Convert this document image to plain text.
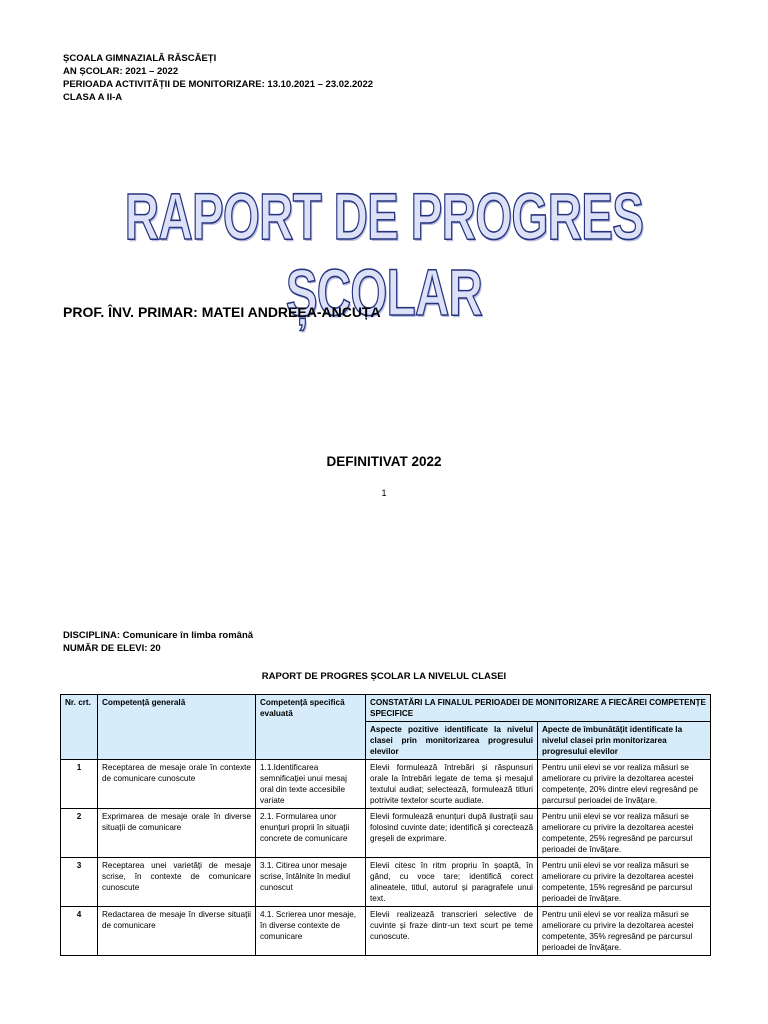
ȘCOALA GIMNAZIALĂ RĂSCĂEȚI
AN ȘCOLAR: 2021 – 2022
PERIOADA ACTIVITĂȚII DE MONITORIZARE: 13.10.2021 – 23.02.2022
CLASA A II-A
RAPORT DE PROGRES ȘCOLAR
PROF. ÎNV. PRIMAR: MATEI ANDREEA-ANCUȚA
DEFINITIVAT 2022
1
DISCIPLINA: Comunicare în limba română
NUMĂR DE ELEVI: 20
RAPORT DE PROGRES ȘCOLAR LA NIVELUL CLASEI
Nr. crt.	Competență generală	Competență specifică evaluată	CONSTATĂRI LA FINALUL PERIOADEI DE MONITORIZARE A FIECĂREI COMPETENȚE SPECIFICE	
			Aspecte pozitive identificate la nivelul clasei prin monitorizarea progresului elevilor	Apecte de îmbunătățit identificate la nivelul clasei prin monitorizarea progresului elevilor
1	Receptarea de mesaje orale în contexte de comunicare cunoscute	1.1.Identificarea semnificației unui mesaj oral din texte accesibile variate	Elevii formulează întrebări și răspunsuri orale la întrebări legate de tema și mesajul textului audiat; selectează, formulează titluri potrivite textelor scurte audiate.	Pentru unii elevi se vor realiza măsuri se ameliorare cu privire la dezoltarea acestei competențe, 20% dintre elevi regresând pe parcursul perioadei de învățare.
2	Exprimarea de mesaje orale în diverse situații de comunicare	2.1. Formularea unor enunțuri proprii în situații concrete de comunicare	Elevii formulează enunțuri după ilustrații sau folosind cuvinte date; identifică și corectează greșeli de exprimare.	Pentru unii elevi se vor realiza măsuri se ameliorare cu privire la dezoltarea acestei competente, 25% regresând pe parcursul perioadei de învățare.
3	Receptarea unei varietăți de mesaje scrise, în contexte de comunicare cunoscute	3.1. Citirea unor mesaje scrise, întâlnite în mediul cunoscut	Elevii citesc în ritm propriu în șoaptă, în gând, cu voce tare; identifică corect alineatele, titlul, autorul și paragrafele unui text.	Pentru unii elevi se vor realiza măsuri se ameliorare cu privire la dezoltarea acestei competente, 15% regresând pe parcursul perioadei de învățare.
4	Redactarea de mesaje în diverse situații de comunicare	4.1. Scrierea unor mesaje, în diverse contexte de comunicare	Elevii realizează transcrieri selective de cuvinte și fraze dintr-un text scurt pe teme cunoscute.	Pentru unii elevi se vor realiza măsuri se ameliorare cu privire la dezoltarea acestei competente, 35% regresând pe parcursul perioadei de învățare.
